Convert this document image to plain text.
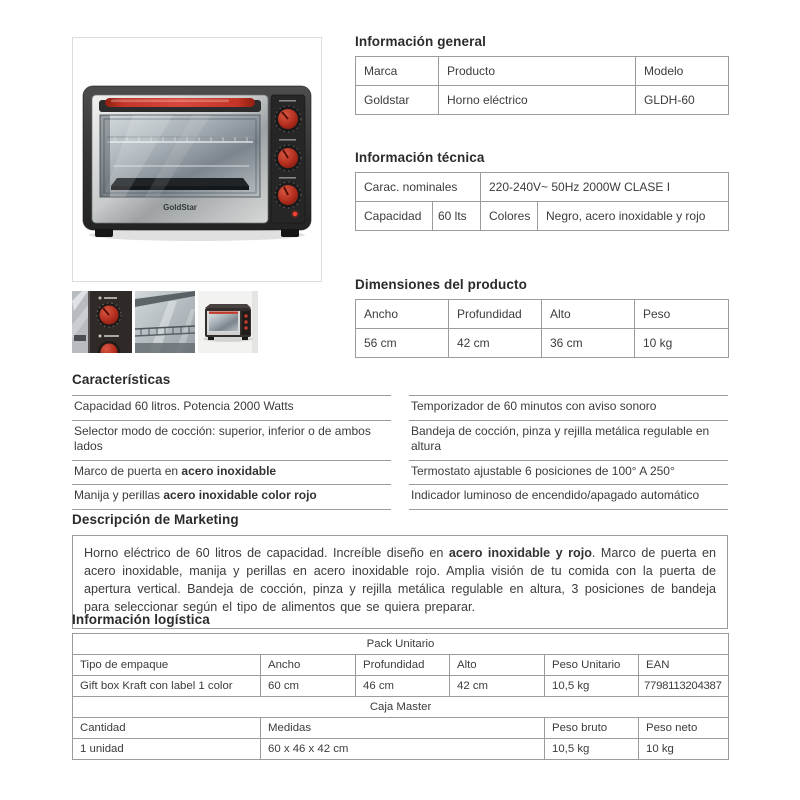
GoldStar
Información general
Marca	Producto	Modelo
Goldstar	Horno eléctrico	GLDH-60
Información técnica
Carac. nominales		220-240V~ 50Hz 2000W CLASE I	
Capacidad	60 lts	Colores	Negro, acero inoxidable y rojo
Dimensiones del producto
Ancho	Profundidad	Alto	Peso
56 cm	42 cm	36 cm	10 kg
Características
Capacidad 60 litros. Potencia 2000 Watts	Temporizador de 60 minutos con aviso sonoro
Selector modo de cocción: superior, inferior o de ambos lados
Bandeja de cocción, pinza y rejilla metálica regulable en altura
Marco de puerta en acero inoxidable	Termostato ajustable 6 posiciones de 100° A 250°
Manija y perillas acero inoxidable color rojo	Indicador luminoso de encendido/apagado automático
Descripción de Marketing
Horno eléctrico de 60 litros de capacidad. Increíble diseño en acero inoxidable y rojo. Marco de puerta en acero inoxidable, manija y perillas en acero inoxidable rojo. Amplia visión de tu comida con la puerta de apertura vertical. Bandeja de cocción, pinza y rejilla metálica regulable en altura, 3 posiciones de bandeja para seleccionar según el tipo de alimentos que se quiera preparar.
Información logística
Pack Unitario					
Tipo de empaque	Ancho	Profundidad	Alto	Peso Unitario	EAN
Gift box Kraft con label 1 color	60 cm	46 cm	42 cm	10,5 kg	7798113204387
Caja Master					
Cantidad	Medidas			Peso bruto	Peso neto
1 unidad	60 x 46 x 42 cm			10,5 kg	10 kg
